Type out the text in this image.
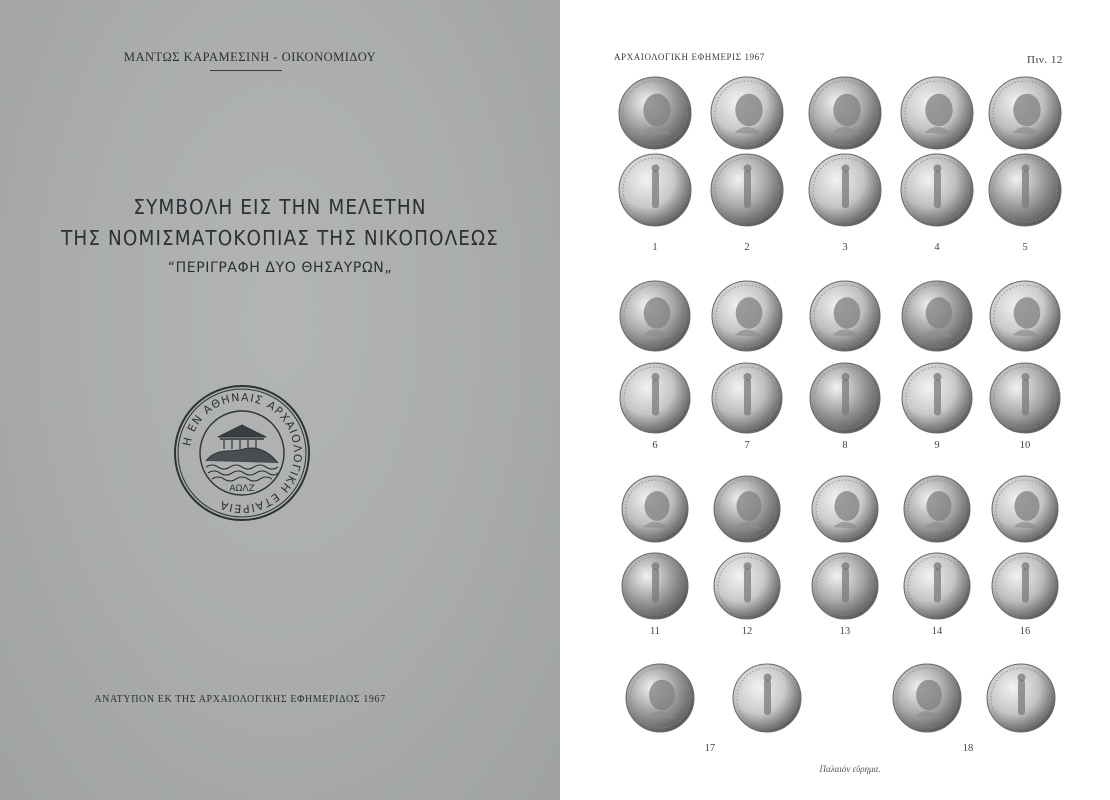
ΜΑΝΤΩΣ ΚΑΡΑΜΕΣΙΝΗ - ΟΙΚΟΝΟΜΙΔΟΥ
ΣΥΜΒΟΛΗ ΕΙΣ ΤΗΝ ΜΕΛΕΤΗΝ
ΤΗΣ ΝΟΜΙΣΜΑΤΟΚΟΠΙΑΣ ΤΗΣ ΝΙΚΟΠΟΛΕΩΣ
“ΠΕΡΙΓΡΑΦΗ ΔΥΟ ΘΗΣΑΥΡΩΝ„
Η ΕΝ ΑΘΗΝΑΙΣ ΑΡΧΑΙΟΛΟΓΙΚΗ ΕΤΑΙΡΕΙΑ
ΑΩΛΖ
ΑΝΑΤΥΠΟΝ ΕΚ ΤΗΣ ΑΡΧΑΙΟΛΟΓΙΚΗΣ ΕΦΗΜΕΡΙΔΟΣ 1967
ΑΡΧΑΙΟΛΟΓΙΚΗ ΕΦΗΜΕΡΙΣ 1967	Πιν. 12
1	2	3	4	5
6	7	8	9	10
11	12	13	14	16
17	18
Παλαιόν εὕρημα.
